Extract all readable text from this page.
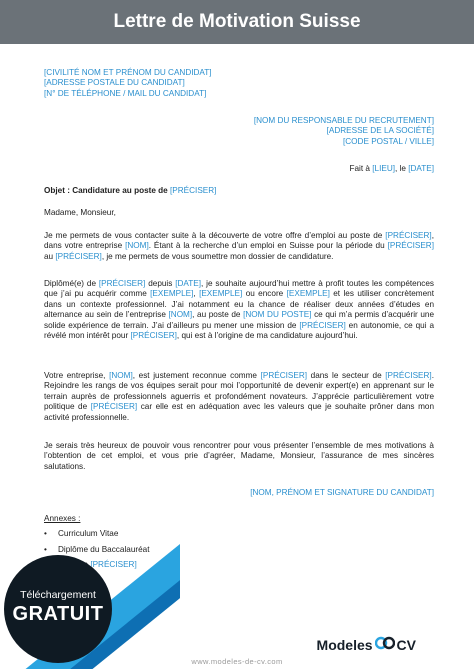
Lettre de Motivation Suisse
[CIVILITÉ NOM ET PRÉNOM DU CANDIDAT]
[ADRESSE POSTALE DU CANDIDAT]
[N° DE TÉLÉPHONE / MAIL DU CANDIDAT]
[NOM DU RESPONSABLE DU RECRUTEMENT]
[ADRESSE DE LA SOCIÉTÉ]
[CODE POSTAL / VILLE]
Fait à [LIEU], le [DATE]
Objet : Candidature au poste de [PRÉCISER]
Madame, Monsieur,
Je me permets de vous contacter suite à la découverte de votre offre d’emploi au poste de [PRÉCISER], dans votre entreprise [NOM]. Étant à la recherche d’un emploi en Suisse pour la période du [PRÉCISER] au [PRÉCISER], je me permets de vous soumettre mon dossier de candidature.
Diplômé(e) de [PRÉCISER] depuis [DATE], je souhaite aujourd’hui mettre à profit toutes les compétences que j’ai pu acquérir comme [EXEMPLE], [EXEMPLE] ou encore [EXEMPLE] et les utiliser concrètement dans un contexte professionnel. J’ai notamment eu la chance de réaliser deux années d’études en alternance au sein de l’entreprise [NOM], au poste de [NOM DU POSTE] ce qui m’a permis d’acquérir une solide expérience de terrain. J’ai d’ailleurs pu mener une mission de [PRÉCISER] en autonomie, ce qui a révélé mon intérêt pour [PRÉCISER], qui est à l’origine de ma candidature aujourd’hui.
Votre entreprise, [NOM], est justement reconnue comme [PRÉCISER] dans le secteur de [PRÉCISER]. Rejoindre les rangs de vos équipes serait pour moi l’opportunité de devenir expert(e) en apprenant sur le terrain auprès de professionnels aguerris et profondément novateurs. J’apprécie particulièrement votre politique de [PRÉCISER] car elle est en adéquation avec les valeurs que je souhaite prôner dans mon activité professionnelle.
Je serais très heureux de pouvoir vous rencontrer pour vous présenter l’ensemble de mes motivations à l’obtention de cet emploi, et vous prie d’agréer, Madame, Monsieur, l’assurance de mes sincères salutations.
[NOM, PRÉNOM ET SIGNATURE DU CANDIDAT]
Annexes :
• Curriculum Vitae
• Diplôme du Baccalauréat
• [PRÉCISER]
Téléchargement
GRATUIT
Modeles CV
www.modeles-de-cv.com
